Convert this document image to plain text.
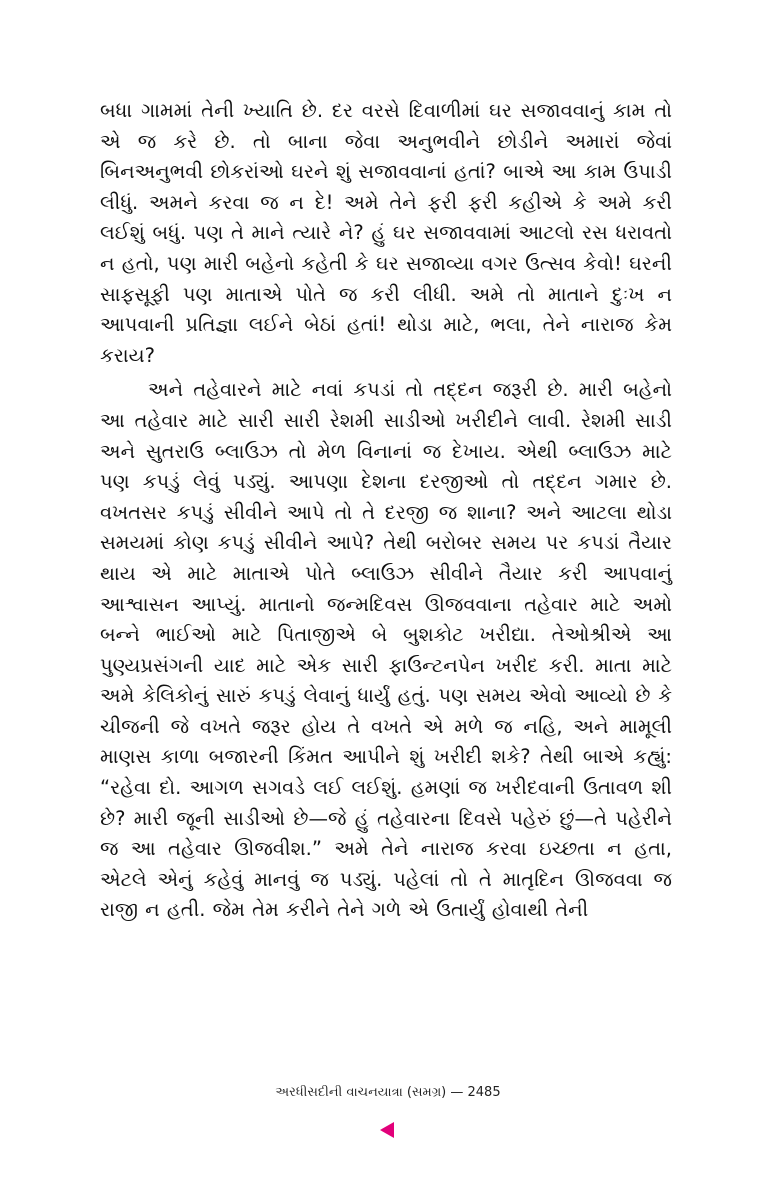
બધા ગામમાં તેની ખ્યાતિ છે. દર વરસે દિવાળીમાં ઘર સજાવવાનું કામ તો એ જ કરે છે. તો બાના જેવા અનુભવીને છોડીને અમારાં જેવાં બિનઅનુભવી છોકરાંઓ ઘરને શું સજાવવાનાં હતાં? બાએ આ કામ ઉપાડી લીધું. અમને કરવા જ ન દે! અમે તેને ફરી ફરી કહીએ કે અમે કરી લઈશું બધું. પણ તે માને ત્યારે ને? હું ઘર સજાવવામાં આટલો રસ ધરાવતો ન હતો, પણ મારી બહેનો કહેતી કે ઘર સજાવ્યા વગર ઉત્સવ કેવો! ઘરની સાફસૂફી પણ માતાએ પોતે જ કરી લીધી. અમે તો માતાને દુઃખ ન આપવાની પ્રતિજ્ઞા લઈને બેઠાં હતાં! થોડા માટે, ભલા, તેને નારાજ કેમ કરાય?

અને તહેવારને માટે નવાં કપડાં તો તદ્દન જરૂરી છે. મારી બહેનો આ તહેવાર માટે સારી સારી રેશમી સાડીઓ ખરીદીને લાવી. રેશમી સાડી અને સુતરાઉ બ્લાઉઝ તો મેળ વિનાનાં જ દેખાય. એથી બ્લાઉઝ માટે પણ કપડું લેવું પડ્યું. આપણા દેશના દરજીઓ તો તદ્દન ગમાર છે. વખતસર કપડું સીવીને આપે તો તે દરજી જ શાના? અને આટલા થોડા સમયમાં કોણ કપડું સીવીને આપે? તેથી બરોબર સમય પર કપડાં તૈયાર થાય એ માટે માતાએ પોતે બ્લાઉઝ સીવીને તૈયાર કરી આપવાનું આશ્વાસન આપ્યું. માતાનો જન્મદિવસ ઊજવવાના તહેવાર માટે અમો બન્ને ભાઈઓ માટે પિતાજીએ બે બુશકોટ ખરીદ્યા. તેઓશ્રીએ આ પુણ્યપ્રસંગની યાદ માટે એક સારી ફાઉન્ટનપેન ખરીદ કરી. માતા માટે અમે કેલિકોનું સારું કપડું લેવાનું ધાર્યું હતું. પણ સમય એવો આવ્યો છે કે ચીજની જે વખતે જરૂર હોય તે વખતે એ મળે જ નહિ, અને મામૂલી માણસ કાળા બજારની કિંમત આપીને શું ખરીદી શકે? તેથી બાએ કહ્યું: “રહેવા દો. આગળ સગવડે લઈ લઈશું. હમણાં જ ખરીદવાની ઉતાવળ શી છે? મારી જૂની સાડીઓ છે—જે હું તહેવારના દિવસે પહેરું છું—તે પહેરીને જ આ તહેવાર ઊજવીશ.” અમે તેને નારાજ કરવા ઇચ્છતા ન હતા, એટલે એનું કહેવું માનવું જ પડ્યું. પહેલાં તો તે માતૃદિન ઊજવવા જ રાજી ન હતી. જેમ તેમ કરીને તેને ગળે એ ઉતાર્યું હોવાથી તેની

અરધીસદીની વાચનયાત્રા (સમગ્ર) — 2485
